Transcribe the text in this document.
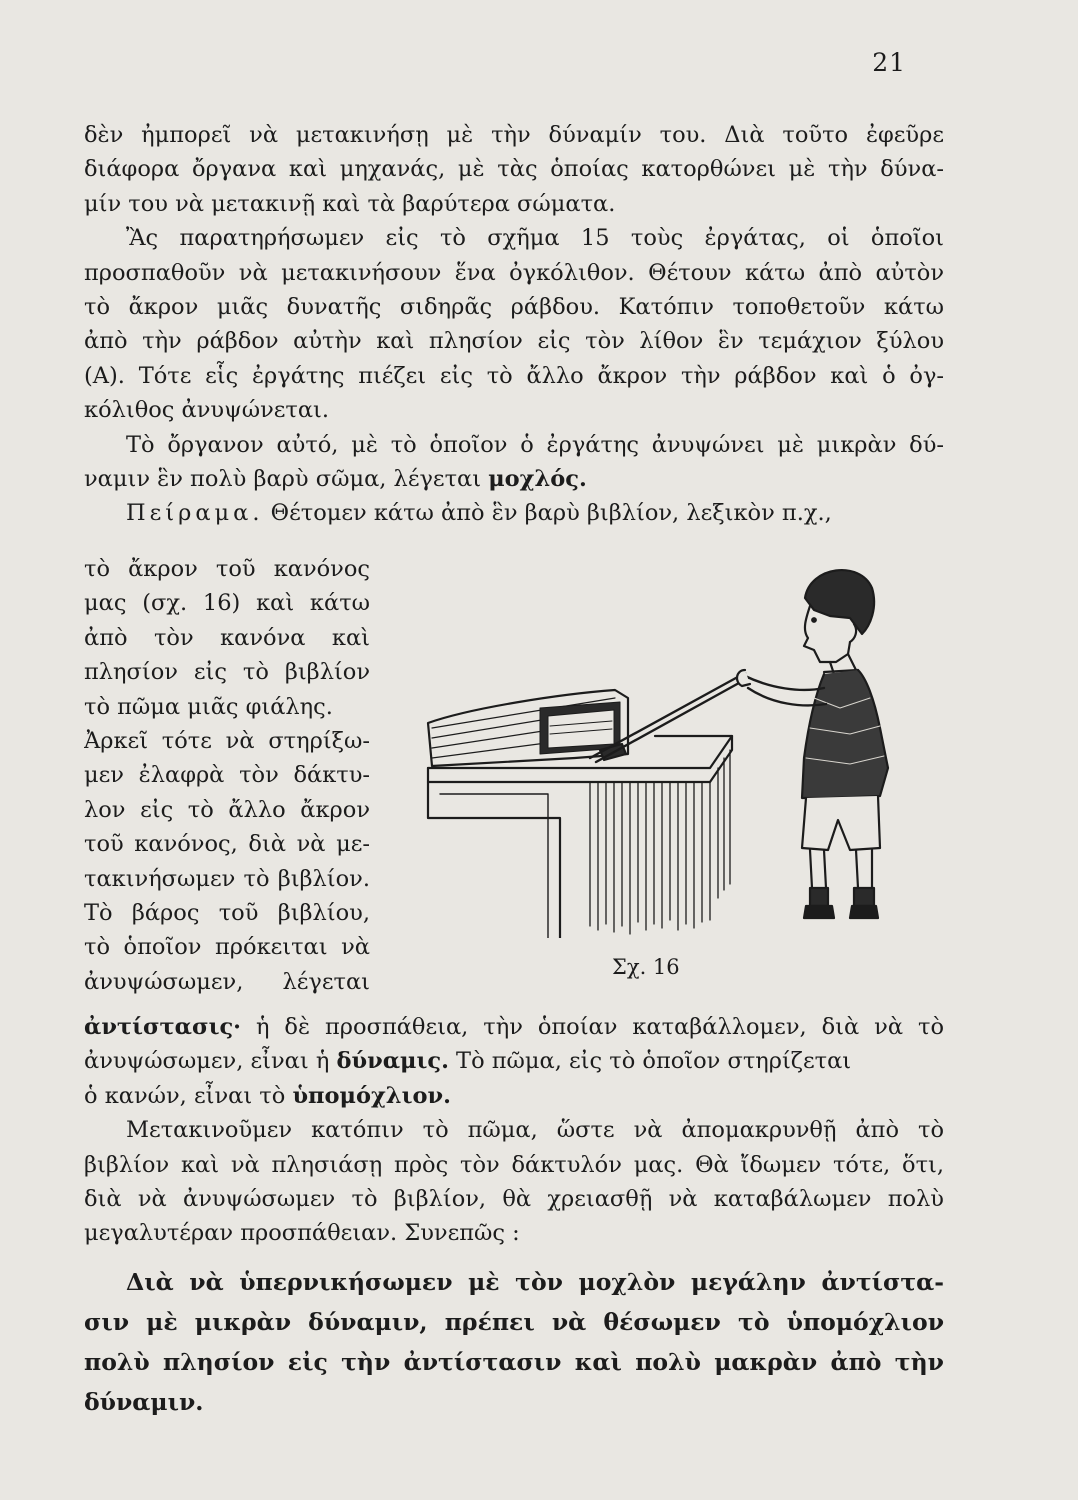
21
δὲν ἠμπορεῖ νὰ μετακινήσῃ μὲ τὴν δύναμίν του. Διὰ τοῦτο ἐφεῦρε
διάφορα ὄργανα καὶ μηχανάς, μὲ τὰς ὁποίας κατορθώνει μὲ τὴν δύνα-
μίν του νὰ μετακινῇ καὶ τὰ βαρύτερα σώματα.
Ἂς παρατηρήσωμεν εἰς τὸ σχῆμα 15 τοὺς ἐργάτας, οἱ ὁποῖοι
προσπαθοῦν νὰ μετακινήσουν ἕνα ὀγκόλιθον. Θέτουν κάτω ἀπὸ αὐτὸν
τὸ ἄκρον μιᾶς δυνατῆς σιδηρᾶς ράβδου. Κατόπιν τοποθετοῦν κάτω
ἀπὸ τὴν ράβδον αὐτὴν καὶ πλησίον εἰς τὸν λίθον ἓν τεμάχιον ξύλου
(Α). Τότε εἷς ἐργάτης πιέζει εἰς τὸ ἄλλο ἄκρον τὴν ράβδον καὶ ὁ ὀγ-
κόλιθος ἀνυψώνεται.
Τὸ ὄργανον αὐτό, μὲ τὸ ὁποῖον ὁ ἐργάτης ἀνυψώνει μὲ μικρὰν δύ-
ναμιν ἓν πολὺ βαρὺ σῶμα, λέγεται μοχλός.
Πείραμα. Θέτομεν κάτω ἀπὸ ἓν βαρὺ βιβλίον, λεξικὸν π.χ.,
τὸ ἄκρον τοῦ κανόνος
μας (σχ. 16) καὶ κάτω
ἀπὸ τὸν κανόνα καὶ
πλησίον εἰς τὸ βιβλίον
τὸ πῶμα μιᾶς φιάλης.
Ἀρκεῖ τότε νὰ στηρίξω-
μεν ἐλαφρὰ τὸν δάκτυ-
λον εἰς τὸ ἄλλο ἄκρον
τοῦ κανόνος, διὰ νὰ με-
τακινήσωμεν τὸ βιβλίον.
Τὸ βάρος τοῦ βιβλίου,
τὸ ὁποῖον πρόκειται νὰ
ἀνυψώσωμεν, λέγεται
Σχ. 16
ἀντίστασις· ἡ δὲ προσπάθεια, τὴν ὁποίαν καταβάλλομεν, διὰ νὰ τὸ
ἀνυψώσωμεν, εἶναι ἡ δύναμις. Τὸ πῶμα, εἰς τὸ ὁποῖον στηρίζεται
ὁ κανών, εἶναι τὸ ὑπομόχλιον.
Μετακινοῦμεν κατόπιν τὸ πῶμα, ὥστε νὰ ἀπομακρυνθῇ ἀπὸ τὸ
βιβλίον καὶ νὰ πλησιάσῃ πρὸς τὸν δάκτυλόν μας. Θὰ ἴδωμεν τότε, ὅτι,
διὰ νὰ ἀνυψώσωμεν τὸ βιβλίον, θὰ χρειασθῇ νὰ καταβάλωμεν πολὺ
μεγαλυτέραν προσπάθειαν. Συνεπῶς :
Διὰ νὰ ὑπερνικήσωμεν μὲ τὸν μοχλὸν μεγάλην ἀντίστα-
σιν μὲ μικρὰν δύναμιν, πρέπει νὰ θέσωμεν τὸ ὑπομόχλιον
πολὺ πλησίον εἰς τὴν ἀντίστασιν καὶ πολὺ μακρὰν ἀπὸ τὴν
δύναμιν.
